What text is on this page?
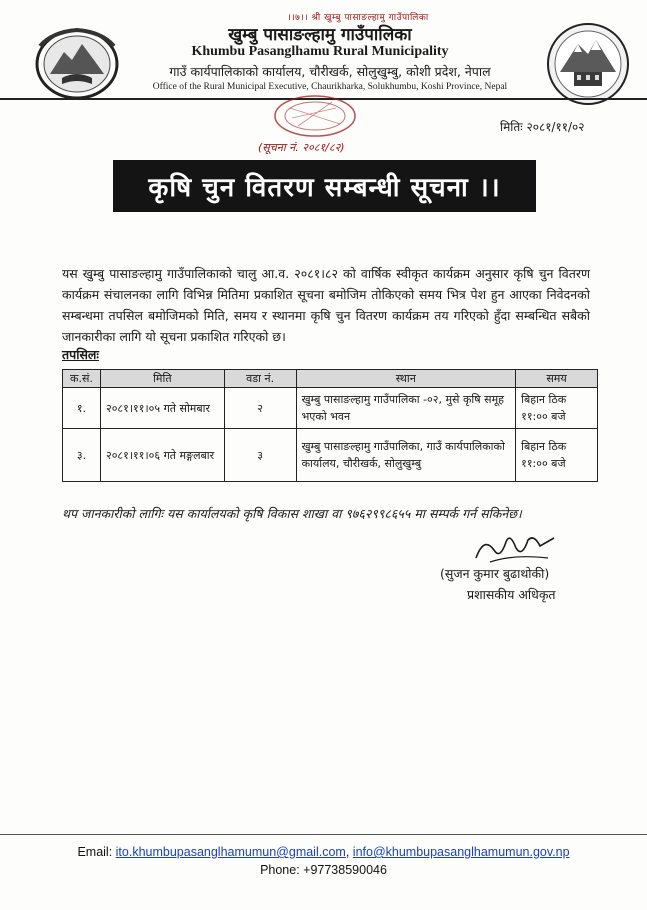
।।७।। श्री खुम्बु पासाङल्हामु गाउँपालिका
खुम्बु पासाङल्हामु गाउँपालिका
Khumbu Pasanglhamu Rural Municipality
गाउँ कार्यपालिकाको कार्यालय, चौरीखर्क, सोलुखुम्बु, कोशी प्रदेश, नेपाल
Office of the Rural Municipal Executive, Chaurikharka, Solukhumbu, Koshi Province, Nepal
मितिः २०८१/११/०२
(सूचना नं. २०८१/८२)
कृषि चुन वितरण सम्बन्धी सूचना ।।
यस खुम्बु पासाङल्हामु गाउँपालिकाको चालु आ.व. २०८१।८२ को वार्षिक स्वीकृत कार्यक्रम अनुसार कृषि चुन वितरण कार्यक्रम संचालनका लागि विभिन्न मितिमा प्रकाशित सूचना बमोजिम तोकिएको समय भित्र पेश हुन आएका निवेदनको सम्बन्धमा तपसिल बमोजिमको मिति, समय र स्थानमा कृषि चुन वितरण कार्यक्रम तय गरिएको हुँदा सम्बन्धित सबैको जानकारीका लागि यो सूचना प्रकाशित गरिएको छ।
तपसिलः
क.सं.	मिति	वडा नं.	स्थान	समय
१.	२०८१।११।०५ गते सोमबार	२	खुम्बु पासाङल्हामु गाउँपालिका -०२, मुसे कृषि समूह भएको भवन	बिहान ठिक ११:०० बजे
३.	२०८१।११।०६ गते मङ्गलबार	३	खुम्बु पासाङल्हामु गाउँपालिका, गाउँ कार्यपालिकाको कार्यालय, चौरीखर्क, सोलुखुम्बु	बिहान ठिक ११:०० बजे
थप जानकारीको लागिः यस कार्यालयको कृषि विकास शाखा वा ९७६२९९८६५५ मा सम्पर्क गर्न सकिनेछ।
(सुजन कुमार बुढाथोकी)
प्रशासकीय अधिकृत
Email: ito.khumbupasanglhamumun@gmail.com, info@khumbupasanglhamumun.gov.np
Phone: +97738590046
